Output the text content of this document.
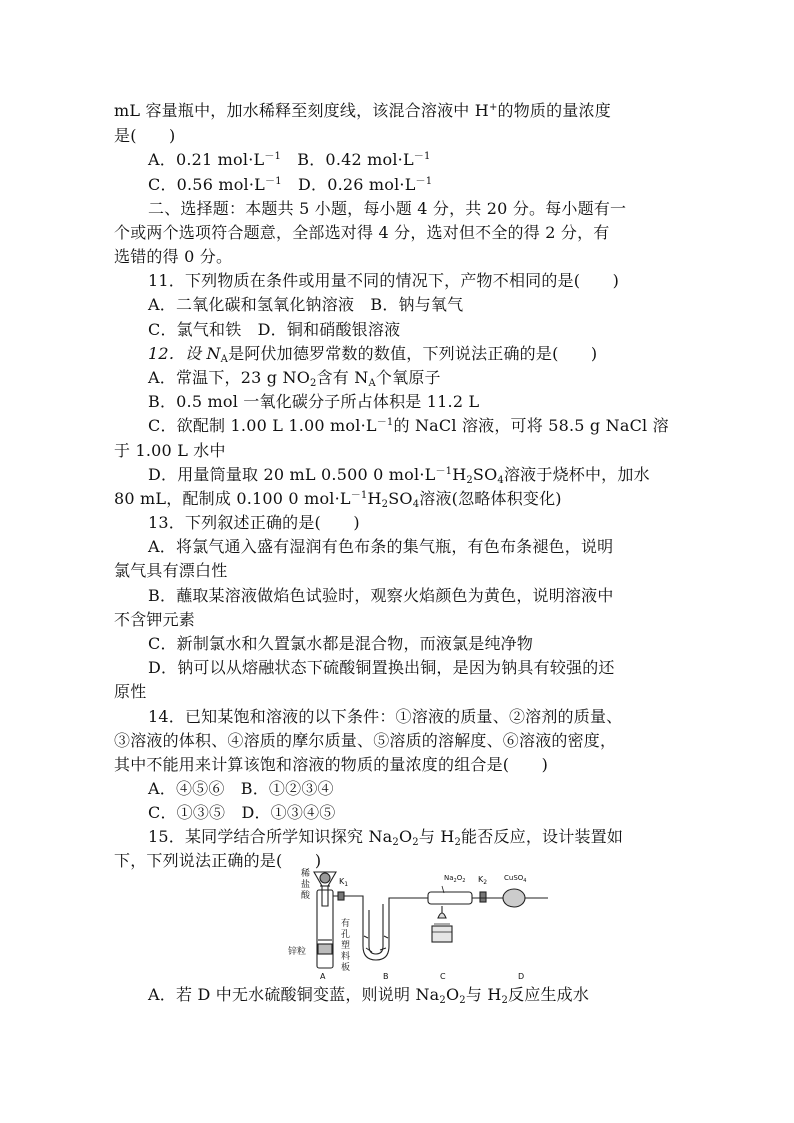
mL 容量瓶中，加水稀释至刻度线，该混合溶液中 H+的物质的量浓度
是(　　)
A．0.21 $mol\cdot L^{-1}$　B．0.42 $mol\cdot L^{-1}$
C．0.56 $mol\cdot L^{-1}$　D．0.26 $mol\cdot L^{-1}$
二、选择题：本题共 5 小题，每小题 4 分，共 20 分。每小题有一
个或两个选项符合题意，全部选对得 4 分，选对但不全的得 2 分，有
选错的得 0 分。
11．下列物质在条件或用量不同的情况下，产物不相同的是(　　)
A．二氧化碳和氢氧化钠溶液　B．钠与氧气
C．氯气和铁　D．铜和硝酸银溶液
12．设 $N_A$是阿伏加德罗常数的数值，下列说法正确的是(　　)
A．常温下，23 g $NO_2$含有 $N_A$个氧原子
B．0.5 mol 一氧化碳分子所占体积是 11.2 L
C．欲配制 1.00 L 1.00 $mol\cdot L^{-1}$的 NaCl 溶液，可将 58.5 g NaCl 溶
于 1.00 L 水中
D．用量筒量取 20 mL 0.500 0 $mol\cdot L^{-1}H_2SO_4$溶液于烧杯中，加水
80 mL，配制成 0.100 0 $mol\cdot L^{-1}H_2SO_4$溶液(忽略体积变化)
13．下列叙述正确的是(　　)
A．将氯气通入盛有湿润有色布条的集气瓶，有色布条褪色，说明
氯气具有漂白性
B．蘸取某溶液做焰色试验时，观察火焰颜色为黄色，说明溶液中
不含钾元素
C．新制氯水和久置氯水都是混合物，而液氯是纯净物
D．钠可以从熔融状态下硫酸铜置换出铜，是因为钠具有较强的还
原性
14．已知某饱和溶液的以下条件：①溶液的质量、②溶剂的质量、
③溶液的体积、④溶质的摩尔质量、⑤溶质的溶解度、⑥溶液的密度，
其中不能用来计算该饱和溶液的物质的量浓度的组合是(　　)
A．④⑤⑥　B．①②③④
C．①③⑤　D．①③④⑤
15．某同学结合所学知识探究 $Na_2O_2$与 $H_2$能否反应，设计装置如
下，下列说法正确的是(　　)
稀
盐
酸
锌粒
有
孔
塑
料
板
$K_1$
$K_2$
$Na_2O_2$	CuSO$_4$
A	B	C	D
A．若 D 中无水硫酸铜变蓝，则说明 $Na_2O_2$与 $H_2$反应生成水
